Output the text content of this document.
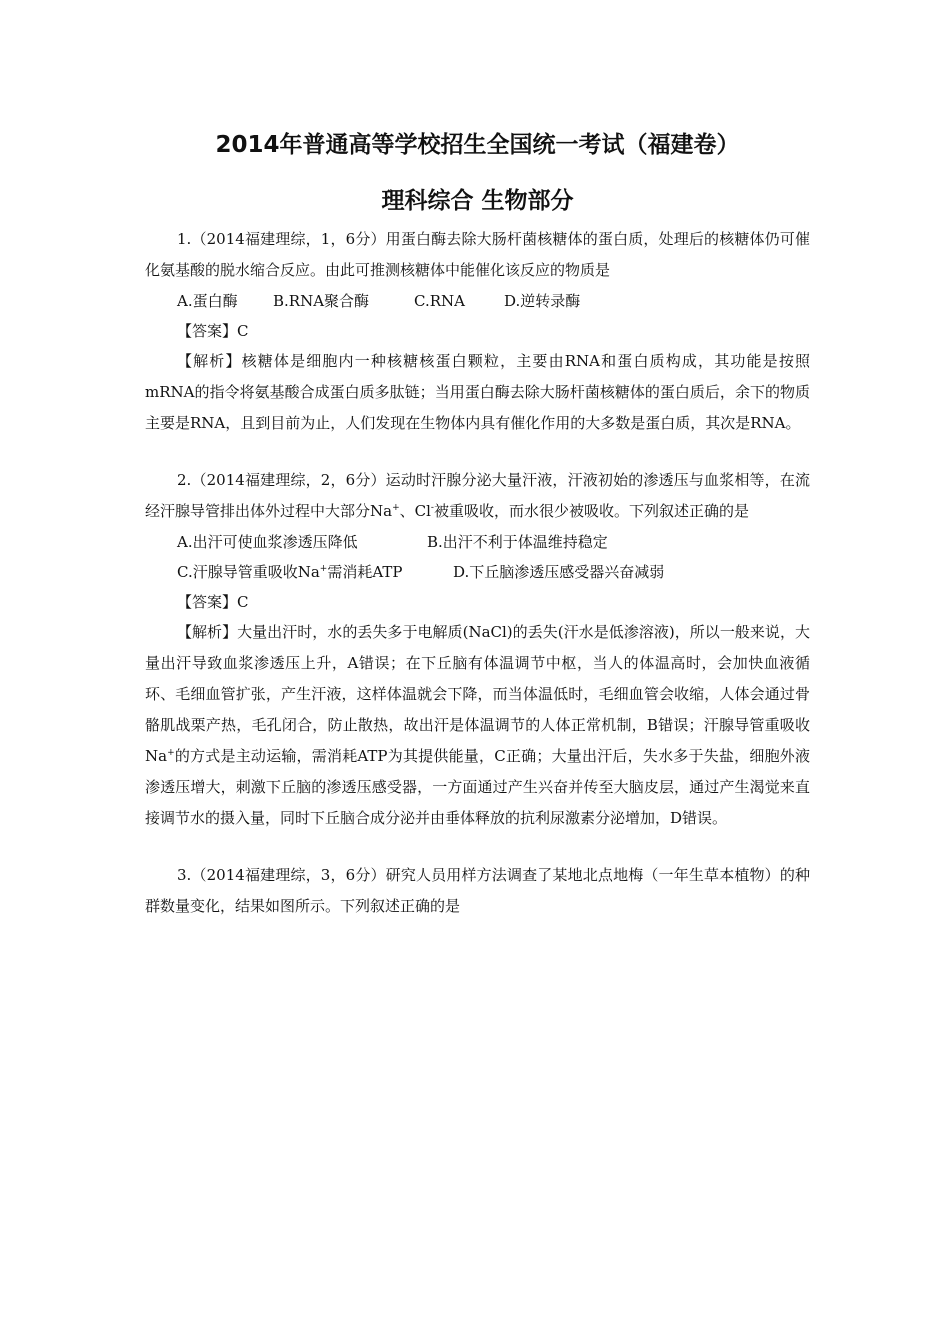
2014年普通高等学校招生全国统一考试（福建卷）
理科综合 生物部分

1.（2014福建理综，1，6分）用蛋白酶去除大肠杆菌核糖体的蛋白质，处理后的核糖体仍可催化氨基酸的脱水缩合反应。由此可推测核糖体中能催化该反应的物质是

A.蛋白酶 B.RNA聚合酶	C.RNA	D.逆转录酶

【答案】C

【解析】核糖体是细胞内一种核糖核蛋白颗粒，主要由RNA和蛋白质构成，其功能是按照mRNA的指令将氨基酸合成蛋白质多肽链；当用蛋白酶去除大肠杆菌核糖体的蛋白质后，余下的物质主要是RNA，且到目前为止，人们发现在生物体内具有催化作用的大多数是蛋白质，其次是RNA。

2.（2014福建理综，2，6分）运动时汗腺分泌大量汗液，汗液初始的渗透压与血浆相等，在流经汗腺导管排出体外过程中大部分Na+、Cl-被重吸收，而水很少被吸收。下列叙述正确的是

A.出汗可使血浆渗透压降低	B.出汗不利于体温维持稳定

C.汗腺导管重吸收Na+需消耗ATP	D.下丘脑渗透压感受器兴奋减弱

【答案】C

【解析】大量出汗时，水的丢失多于电解质(NaCl)的丢失(汗水是低渗溶液)，所以一般来说，大量出汗导致血浆渗透压上升，A错误；在下丘脑有体温调节中枢，当人的体温高时，会加快血液循环、毛细血管扩张，产生汗液，这样体温就会下降，而当体温低时，毛细血管会收缩，人体会通过骨骼肌战栗产热，毛孔闭合，防止散热，故出汗是体温调节的人体正常机制，B错误；汗腺导管重吸收Na+的方式是主动运输，需消耗ATP为其提供能量，C正确；大量出汗后，失水多于失盐，细胞外液渗透压增大，刺激下丘脑的渗透压感受器，一方面通过产生兴奋并传至大脑皮层，通过产生渴觉来直接调节水的摄入量，同时下丘脑合成分泌并由垂体释放的抗利尿激素分泌增加，D错误。

3.（2014福建理综，3，6分）研究人员用样方法调查了某地北点地梅（一年生草本植物）的种群数量变化，结果如图所示。下列叙述正确的是
